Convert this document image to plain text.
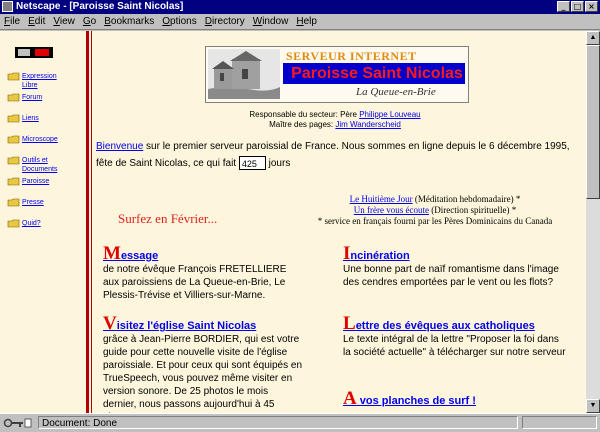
Netscape - [Paroisse Saint Nicolas]	_	□ ×
File Edit View Go Bookmarks Options Directory Window Help
Expression Libre
Forum
Liens
Microscope
Outils et Documents
Paroisse
Presse
Quid?
SERVEUR INTERNET
Paroisse Saint Nicolas
La Queue-en-Brie
Responsable du secteur: Père Philippe Louveau
Maître des pages: Jim Wanderscheid
Bienvenue sur le premier serveur paroissial de France. Nous sommes en ligne depuis le 6 décembre 1995, fête de Saint Nicolas, ce qui fait 425 jours
Surfez en Février...
Le Huitième Jour (Méditation hebdomadaire) *
Un frère vous écoute (Direction spirituelle) *
* service en français fourni par les Pères Dominicains du Canada
Message
de notre évêque François FRETELLIERE aux paroissiens de La Queue-en-Brie, Le Plessis-Trévise et Villiers-sur-Marne.
Incinération
Une bonne part de naïf romantisme dans l'image des cendres emportées par le vent ou les flots?
Visitez l'église Saint Nicolas
grâce à Jean-Pierre BORDIER, qui est votre guide pour cette nouvelle visite de l'église paroissiale. Et pour ceux qui sont équipés en TrueSpeech, vous pouvez même visiter en version sonore. De 25 photos le mois dernier, nous passons aujourd'hui à 45
Lettre des évêques aux catholiques
Le texte intégral de la lettre "Proposer la foi dans la société actuelle" à télécharger sur notre serveur
A vos planches de surf !
▲
▼
Document: Done
